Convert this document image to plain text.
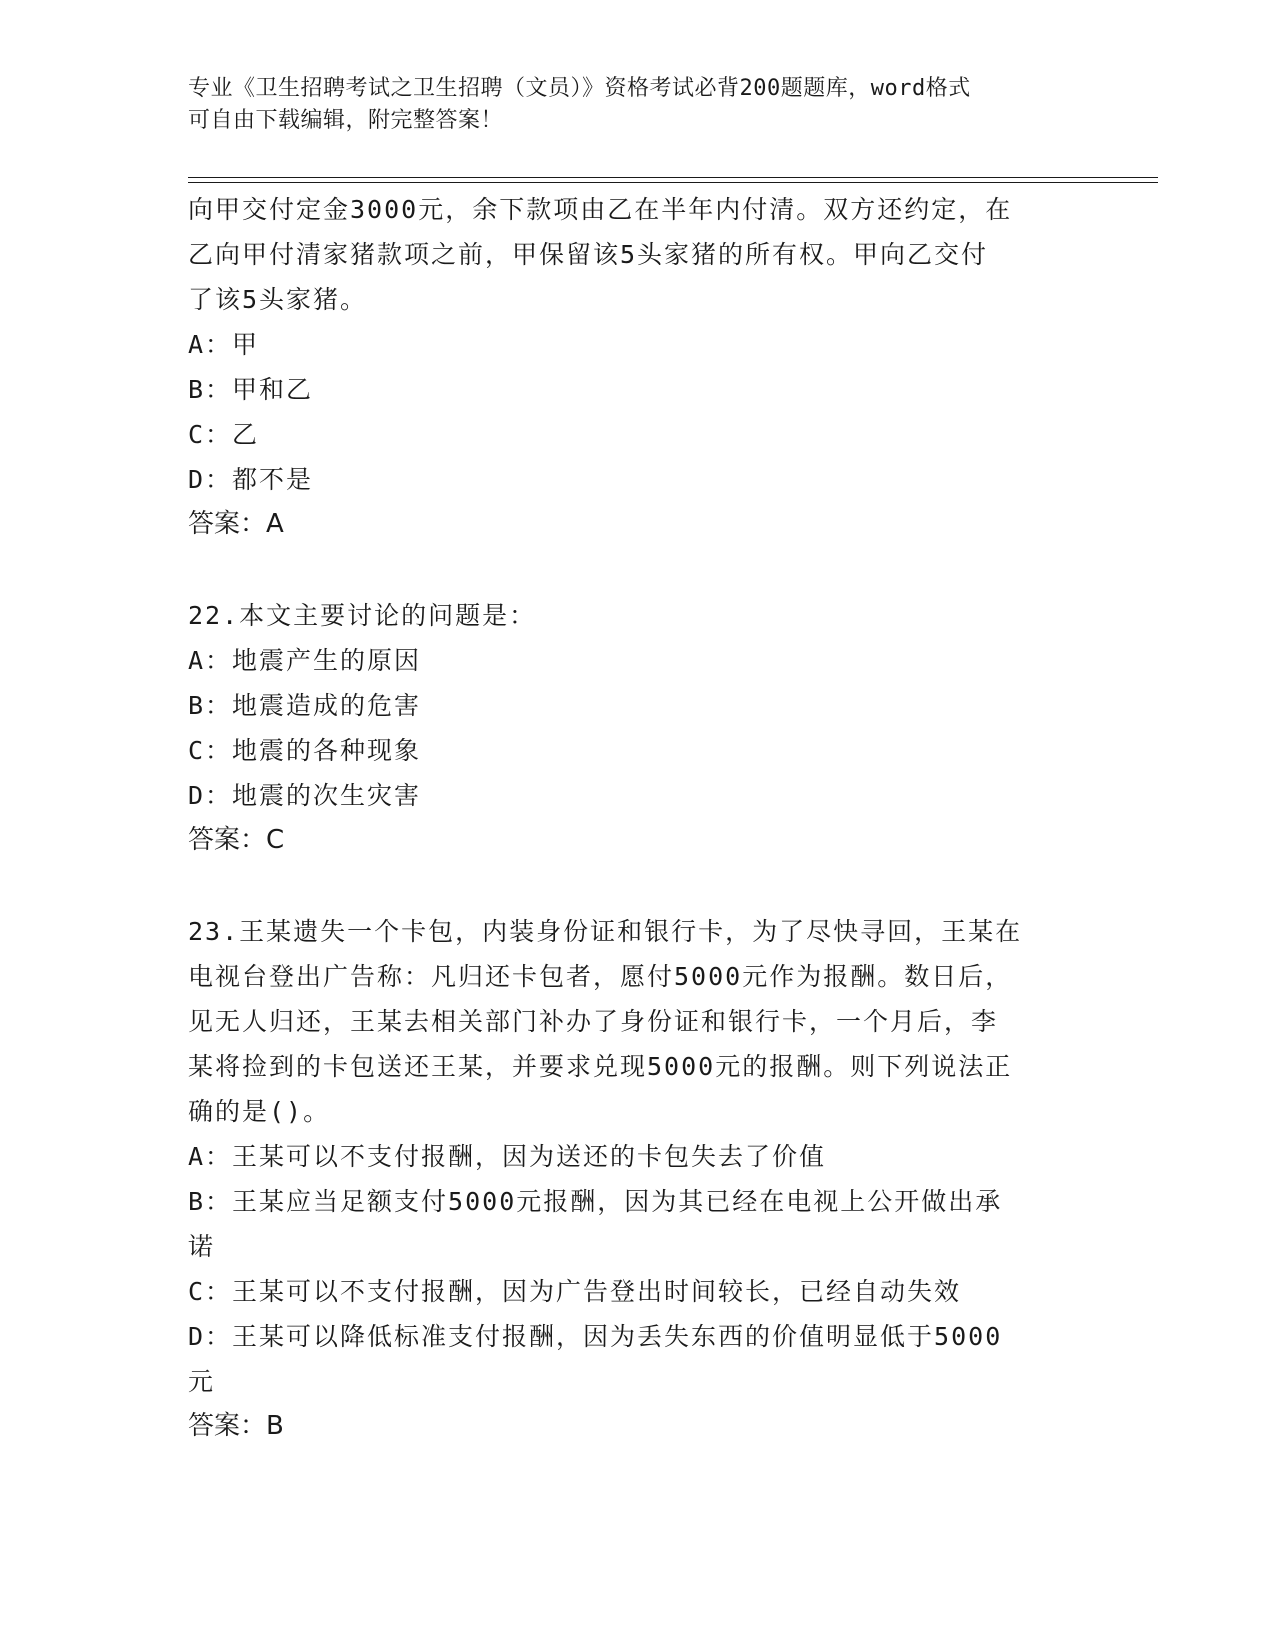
专业《卫生招聘考试之卫生招聘（文员）》资格考试必背200题题库，word格式
可自由下载编辑，附完整答案！
向甲交付定金3000元，余下款项由乙在半年内付清。双方还约定，在
乙向甲付清家猪款项之前，甲保留该5头家猪的所有权。甲向乙交付
了该5头家猪。
A：甲
B：甲和乙
C：乙
D：都不是
答案：A
22.本文主要讨论的问题是：
A：地震产生的原因
B：地震造成的危害
C：地震的各种现象
D：地震的次生灾害
答案：C
23.王某遗失一个卡包，内装身份证和银行卡，为了尽快寻回，王某在
电视台登出广告称：凡归还卡包者，愿付5000元作为报酬。数日后，
见无人归还，王某去相关部门补办了身份证和银行卡，一个月后，李
某将捡到的卡包送还王某，并要求兑现5000元的报酬。则下列说法正
确的是()。
A：王某可以不支付报酬，因为送还的卡包失去了价值
B：王某应当足额支付5000元报酬，因为其已经在电视上公开做出承
诺
C：王某可以不支付报酬，因为广告登出时间较长，已经自动失效
D：王某可以降低标准支付报酬，因为丢失东西的价值明显低于5000
元
答案：B
